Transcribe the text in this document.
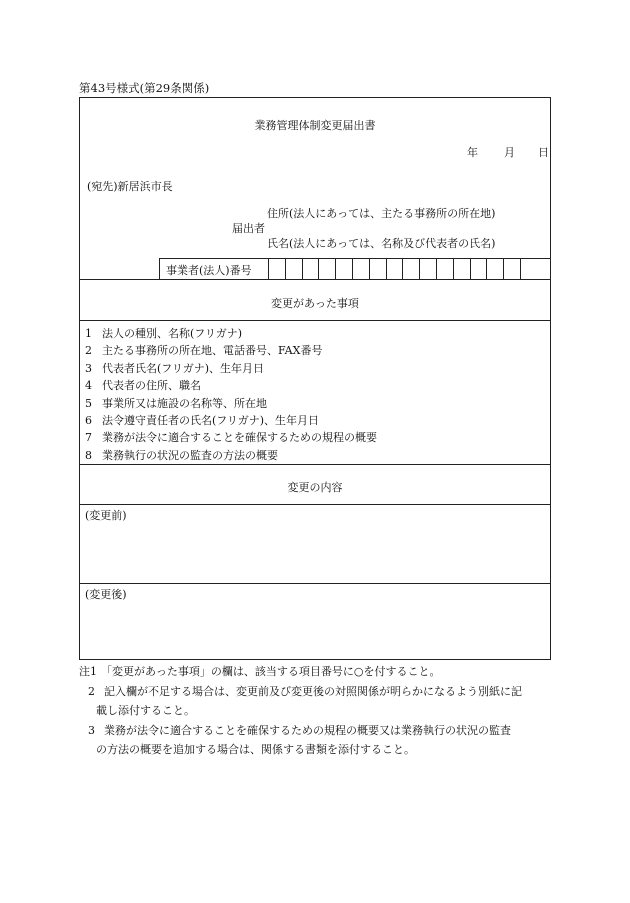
第43号様式(第29条関係)
業務管理体制変更届出書
年 月 日
(宛先)新居浜市長
住所(法人にあっては、主たる事務所の所在地)
届出者
氏名(法人にあっては、名称及び代表者の氏名)
事業者(法人)番号
変更があった事項
1 法人の種別、名称(フリガナ)
2 主たる事務所の所在地、電話番号、FAX番号
3 代表者氏名(フリガナ)、生年月日
4 代表者の住所、職名
5 事業所又は施設の名称等、所在地
6 法令遵守責任者の氏名(フリガナ)、生年月日
7 業務が法令に適合することを確保するための規程の概要
8 業務執行の状況の監査の方法の概要
変更の内容
(変更前)
(変更後)
注1 「変更があった事項」の欄は、該当する項目番号に○を付すること。
2 記入欄が不足する場合は、変更前及び変更後の対照関係が明らかになるよう別紙に記
載し添付すること。
3 業務が法令に適合することを確保するための規程の概要又は業務執行の状況の監査
の方法の概要を追加する場合は、関係する書類を添付すること。
